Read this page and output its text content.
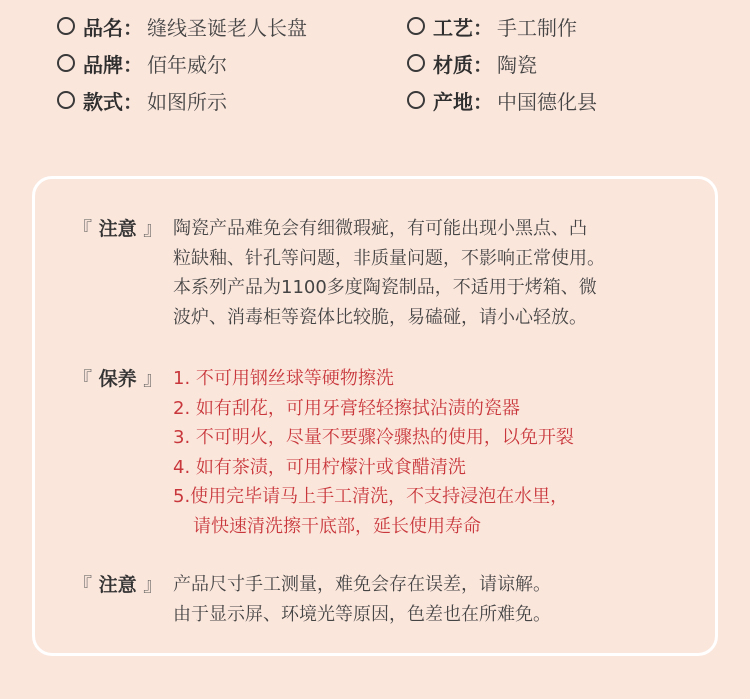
品名 ： 缝线圣诞老人长盘	工艺 ： 手工制作
品牌 ： 佰年威尔	材质 ： 陶瓷
款式 ： 如图所示	产地 ： 中国德化县
『 注意 』 陶瓷产品难免会有细微瑕疵，有可能出现小黑点、凸
粒缺釉、针孔等问题，非质量问题，不影响正常使用。
本系列产品为1100多度陶瓷制品，不适用于烤箱、微
波炉、消毒柜等瓷体比较脆，易磕碰，请小心轻放。
『 保养 』 1. 不可用钢丝球等硬物擦洗
2. 如有刮花，可用牙膏轻轻擦拭沾渍的瓷器
3. 不可明火，尽量不要骤冷骤热的使用，以免开裂
4. 如有茶渍，可用柠檬汁或食醋清洗
5.使用完毕请马上手工清洗，不支持浸泡在水里，
请快速清洗擦干底部，延长使用寿命
『 注意 』 产品尺寸手工测量，难免会存在误差，请谅解。
由于显示屏、环境光等原因，色差也在所难免。
